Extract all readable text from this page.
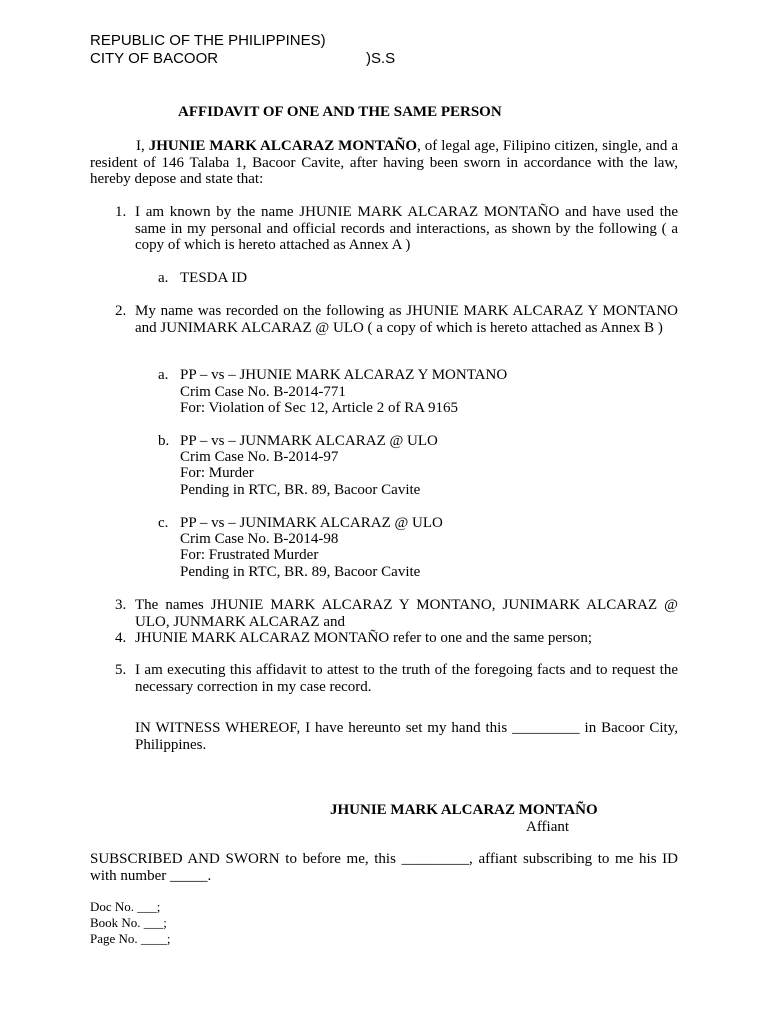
REPUBLIC OF THE PHILIPPINES)
CITY OF BACOOR	)S.S
AFFIDAVIT OF ONE AND THE SAME PERSON
I, JHUNIE MARK ALCARAZ MONTAÑO, of legal age, Filipino citizen, single, and a resident of 146 Talaba 1, Bacoor Cavite, after having been sworn in accordance with the law, hereby depose and state that:
1. I am known by the name JHUNIE MARK ALCARAZ MONTAÑO and have used the same in my personal and official records and interactions, as shown by the following ( a copy of which is hereto attached as Annex A )
a. TESDA ID
2. My name was recorded on the following as JHUNIE MARK ALCARAZ Y MONTANO and JUNIMARK ALCARAZ @ ULO ( a copy of which is hereto attached as Annex B )
a. PP – vs – JHUNIE MARK ALCARAZ Y MONTANO
Crim Case No. B-2014-771
For: Violation of Sec 12, Article 2 of RA 9165
b. PP – vs – JUNMARK ALCARAZ @ ULO
Crim Case No. B-2014-97
For: Murder
Pending in RTC, BR. 89, Bacoor Cavite
c. PP – vs – JUNIMARK ALCARAZ @ ULO
Crim Case No. B-2014-98
For: Frustrated Murder
Pending in RTC, BR. 89, Bacoor Cavite
3. The names JHUNIE MARK ALCARAZ Y MONTANO, JUNIMARK ALCARAZ @ ULO, JUNMARK ALCARAZ and
4. JHUNIE MARK ALCARAZ MONTAÑO refer to one and the same person;
5. I am executing this affidavit to attest to the truth of the foregoing facts and to request the necessary correction in my case record.
IN WITNESS WHEREOF, I have hereunto set my hand this _________ in Bacoor City, Philippines.
JHUNIE MARK ALCARAZ MONTAÑO
Affiant
SUBSCRIBED AND SWORN to before me, this _________, affiant subscribing to me his ID with number _____.
Doc No. ___;
Book No. ___;
Page No. ____;
